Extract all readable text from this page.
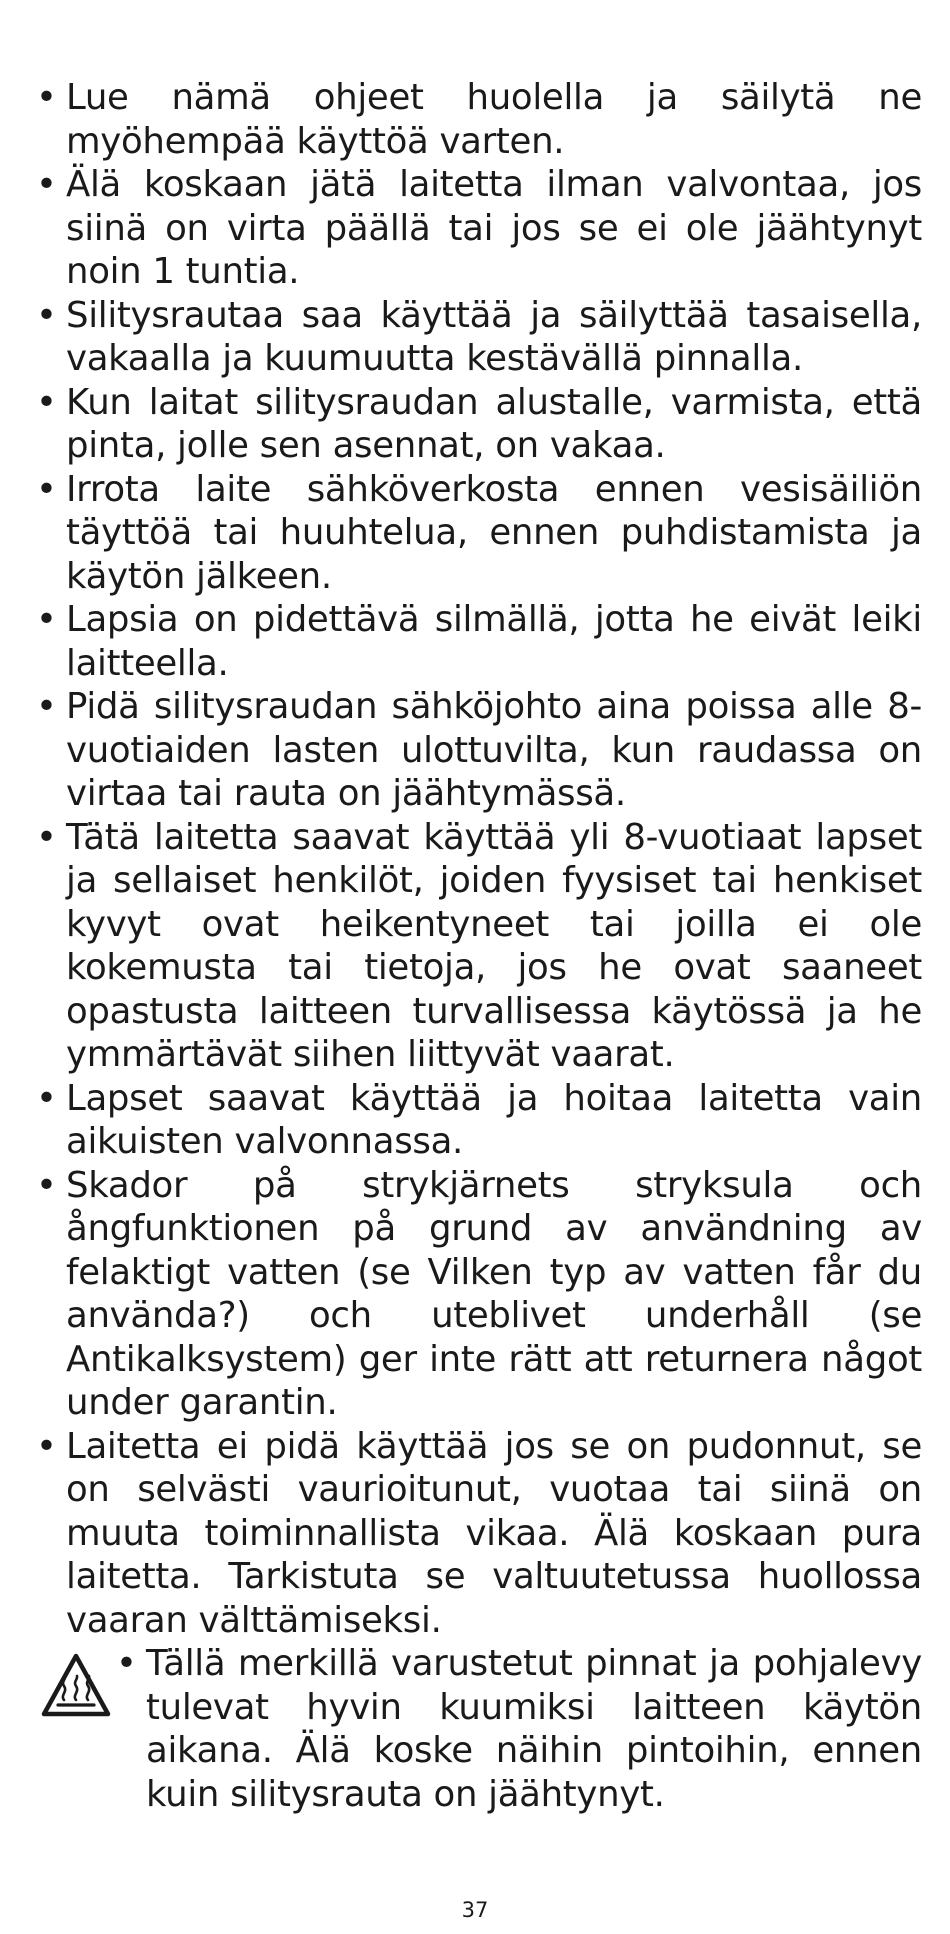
• Lue nämä ohjeet huolella ja säilytä ne myöhempää käyttöä varten.
• Älä koskaan jätä laitetta ilman valvontaa, jos siinä on virta päällä tai jos se ei ole jäähtynyt noin 1 tuntia.
• Silitysrautaa saa käyttää ja säilyttää tasaisella, vakaalla ja kuumuutta kestävällä pinnalla.
• Kun laitat silitysraudan alustalle, varmista, että pinta, jolle sen asennat, on vakaa.
• Irrota laite sähköverkosta ennen vesisäiliön täyttöä tai huuhtelua, ennen puhdistamista ja käytön jälkeen.
• Lapsia on pidettävä silmällä, jotta he eivät leiki laitteella.
• Pidä silitysraudan sähköjohto aina poissa alle 8-vuotiaiden lasten ulottuvilta, kun raudassa on virtaa tai rauta on jäähtymässä.
• Tätä laitetta saavat käyttää yli 8-vuotiaat lapset ja sellaiset henkilöt, joiden fyysiset tai henkiset kyvyt ovat heikentyneet tai joilla ei ole kokemusta tai tietoja, jos he ovat saaneet opastusta laitteen turvallisessa käytössä ja he ymmärtävät siihen liittyvät vaarat.
• Lapset saavat käyttää ja hoitaa laitetta vain aikuisten valvonnassa.
• Skador på strykjärnets stryksula och ångfunktionen på grund av användning av felaktigt vatten (se Vilken typ av vatten får du använda?) och uteblivet underhåll (se Antikalksystem) ger inte rätt att returnera något under garantin.
• Laitetta ei pidä käyttää jos se on pudonnut, se on selvästi vaurioitunut, vuotaa tai siinä on muuta toiminnallista vikaa. Älä koskaan pura laitetta. Tarkistuta se valtuutetussa huollossa vaaran välttämiseksi.
• Tällä merkillä varustetut pinnat ja pohjalevy tulevat hyvin kuumiksi laitteen käytön aikana. Älä koske näihin pintoihin, ennen kuin silitysrauta on jäähtynyt.
37
